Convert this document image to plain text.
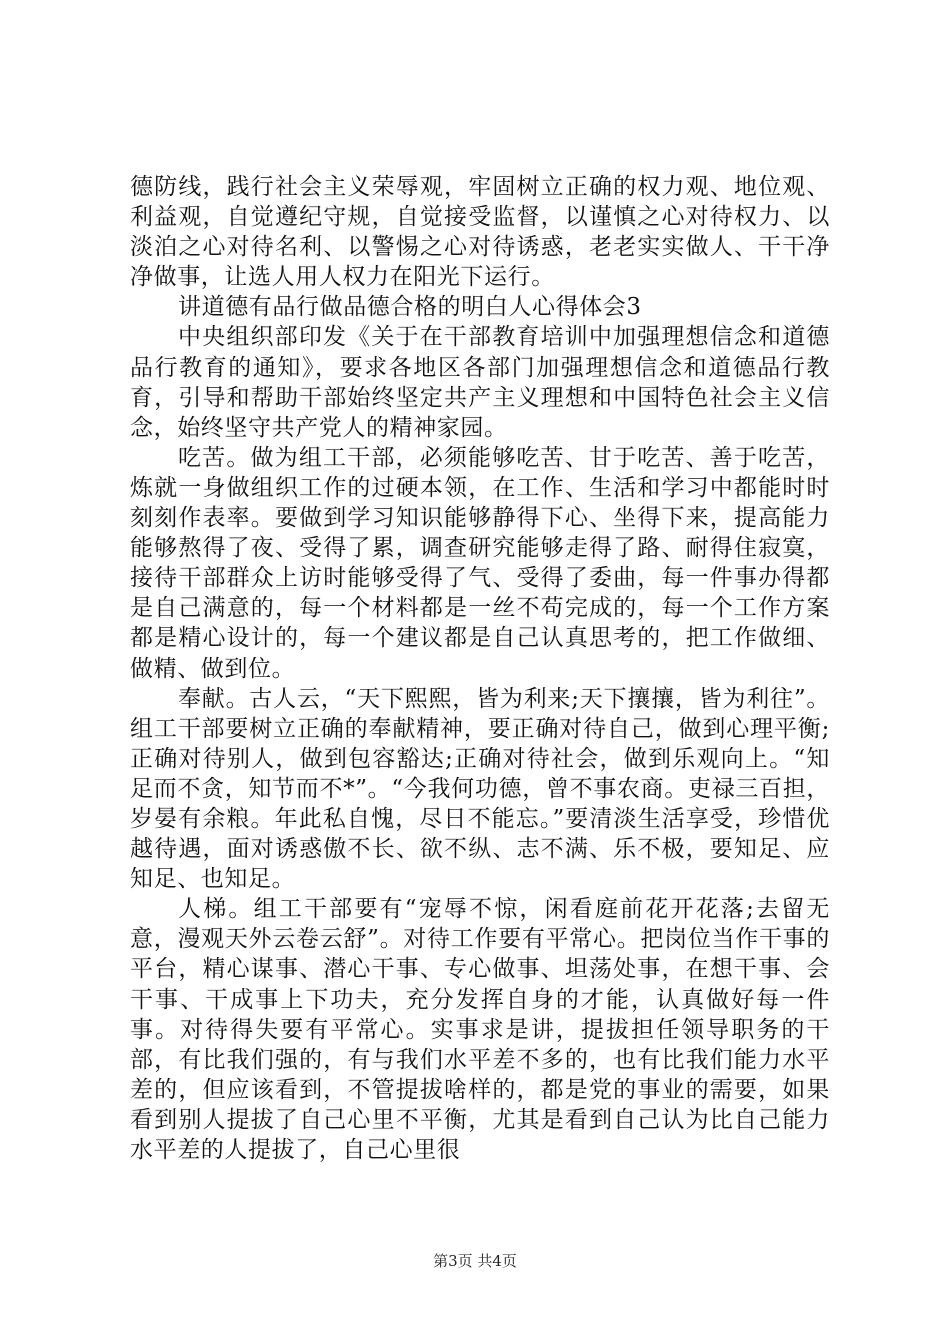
德防线，践行社会主义荣辱观，牢固树立正确的权力观、地位观、利益观，自觉遵纪守规，自觉接受监督，以谨慎之心对待权力、以淡泊之心对待名利、以警惕之心对待诱惑，老老实实做人、干干净净做事，让选人用人权力在阳光下运行。

讲道德有品行做品德合格的明白人心得体会3

中央组织部印发《关于在干部教育培训中加强理想信念和道德品行教育的通知》，要求各地区各部门加强理想信念和道德品行教育，引导和帮助干部始终坚定共产主义理想和中国特色社会主义信念，始终坚守共产党人的精神家园。

吃苦。做为组工干部，必须能够吃苦、甘于吃苦、善于吃苦，炼就一身做组织工作的过硬本领，在工作、生活和学习中都能时时刻刻作表率。要做到学习知识能够静得下心、坐得下来，提高能力能够熬得了夜、受得了累，调查研究能够走得了路、耐得住寂寞，接待干部群众上访时能够受得了气、受得了委曲，每一件事办得都是自己满意的，每一个材料都是一丝不苟完成的，每一个工作方案都是精心设计的，每一个建议都是自己认真思考的，把工作做细、做精、做到位。

奉献。古人云，“天下熙熙，皆为利来;天下攘攘，皆为利往”。组工干部要树立正确的奉献精神，要正确对待自己，做到心理平衡;正确对待别人，做到包容豁达;正确对待社会，做到乐观向上。“知足而不贪，知节而不*”。“今我何功德，曾不事农商。吏禄三百担，岁晏有余粮。年此私自愧，尽日不能忘。”要清淡生活享受，珍惜优越待遇，面对诱惑傲不长、欲不纵、志不满、乐不极，要知足、应知足、也知足。

人梯。组工干部要有“宠辱不惊，闲看庭前花开花落;去留无意，漫观天外云卷云舒”。对待工作要有平常心。把岗位当作干事的平台，精心谋事、潜心干事、专心做事、坦荡处事，在想干事、会干事、干成事上下功夫，充分发挥自身的才能，认真做好每一件事。对待得失要有平常心。实事求是讲，提拔担任领导职务的干部，有比我们强的，有与我们水平差不多的，也有比我们能力水平差的，但应该看到，不管提拔啥样的，都是党的事业的需要，如果看到别人提拔了自己心里不平衡，尤其是看到自己认为比自己能力水平差的人提拔了，自己心里很

第3页 共4页
